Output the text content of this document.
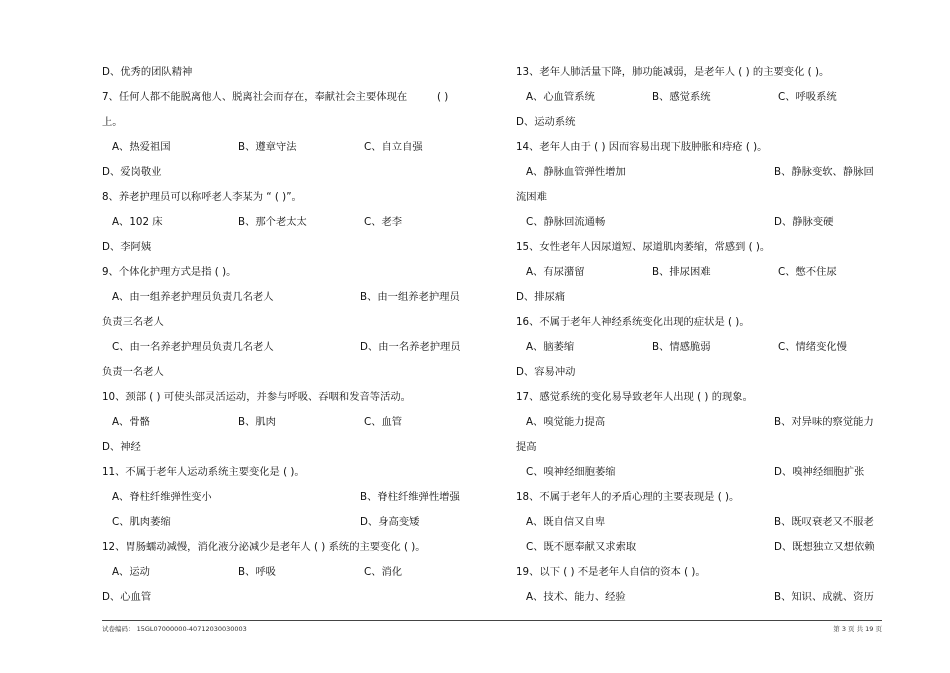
D、优秀的团队精神
7、任何人都不能脱离他人、脱离社会而存在，奉献社会主要体现在	( )
上。
A、热爱祖国	B、遵章守法	C、自立自强
D、爱岗敬业
8、养老护理员可以称呼老人李某为 “ ( )”。
A、102 床	B、那个老太太	C、老李
D、李阿姨
9、个体化护理方式是指 ( )。
A、由一组养老护理员负责几名老人	B、由一组养老护理员
负责三名老人
C、由一名养老护理员负责几名老人	D、由一名养老护理员
负责一名老人
10、颈部 ( ) 可使头部灵活运动，并参与呼吸、吞咽和发音等活动。
A、骨骼	B、肌肉	C、血管
D、神经
11、不属于老年人运动系统主要变化是 ( )。
A、脊柱纤维弹性变小	B、脊柱纤维弹性增强
C、肌肉萎缩	D、身高变矮
12、胃肠蠕动减慢，消化液分泌减少是老年人 ( ) 系统的主要变化 ( )。
A、运动	B、呼吸	C、消化
D、心血管
13、老年人肺活量下降，肺功能减弱，是老年人 ( ) 的主要变化 ( )。
A、心血管系统	B、感觉系统	C、呼吸系统
D、运动系统
14、老年人由于 ( ) 因而容易出现下肢肿胀和痔疮 ( )。
A、静脉血管弹性增加	B、静脉变软、静脉回
流困难
C、静脉回流通畅	D、静脉变硬
15、女性老年人因尿道短、尿道肌肉萎缩，常感到 ( )。
A、有尿潴留	B、排尿困难	C、憋不住尿
D、排尿痛
16、不属于老年人神经系统变化出现的症状是 ( )。
A、脑萎缩	B、情感脆弱	C、情绪变化慢
D、容易冲动
17、感觉系统的变化易导致老年人出现 ( ) 的现象。
A、嗅觉能力提高	B、对异味的察觉能力
提高
C、嗅神经细胞萎缩	D、嗅神经细胞扩张
18、不属于老年人的矛盾心理的主要表现是 ( )。
A、既自信又自卑	B、既叹衰老又不服老
C、既不愿奉献又求索取	D、既想独立又想依赖
19、以下 ( ) 不是老年人自信的资本 ( )。
A、技术、能力、经验	B、知识、成就、资历
试卷编码： 15GL07000000-40712030030003	第 3 页 共 19 页
